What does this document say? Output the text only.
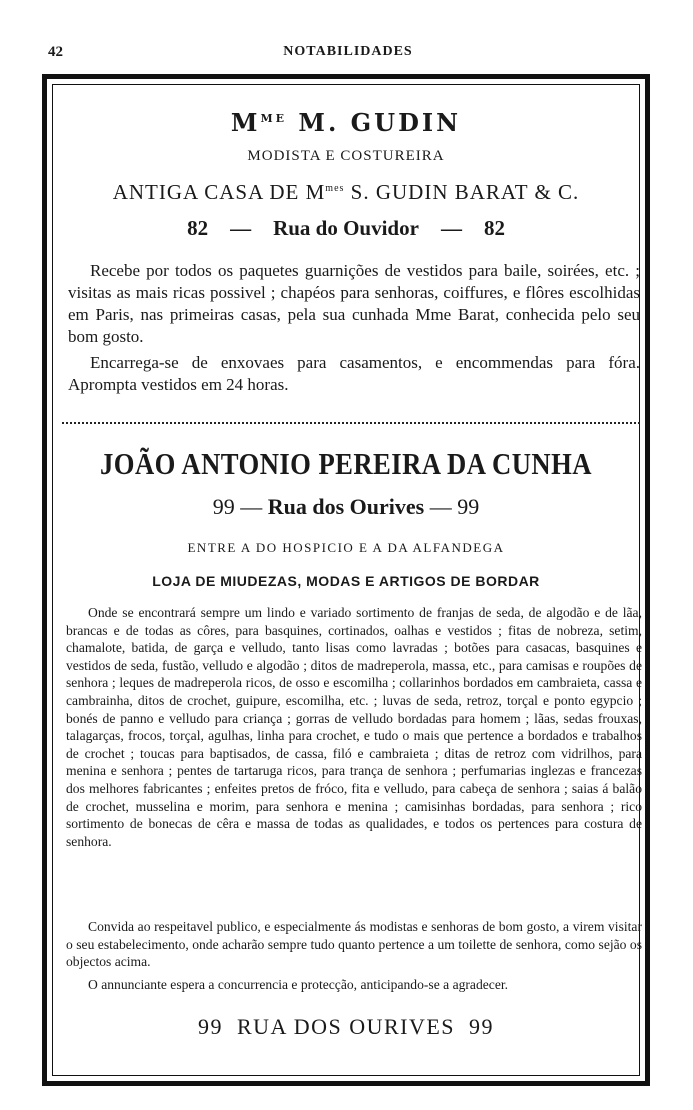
42	NOTABILIDADES
$M^{ME}$ M. GUDIN
MODISTA E COSTUREIRA
ANTIGA CASA DE $M^{mes}$ S. GUDIN BARAT & C.
82 — Rua do Ouvidor — 82

Recebe por todos os paquetes guarnições de vestidos para baile, soirées, etc. ; visitas as mais ricas possivel ; chapéos para senhoras, coiffures, e flôres escolhidas em Paris, nas primeiras casas, pela sua cunhada Mme Barat, conhecida pelo seu bom gosto.

Encarrega-se de enxovaes para casamentos, e encommendas para fóra. Aprompta vestidos em 24 horas.

JOÃO ANTONIO PEREIRA DA CUNHA
99 — Rua dos Ourives — 99
ENTRE A DO HOSPICIO E A DA ALFANDEGA
LOJA DE MIUDEZAS, MODAS E ARTIGOS DE BORDAR

Onde se encontrará sempre um lindo e variado sortimento de franjas de seda, de algodão e de lãa, brancas e de todas as côres, para basquines, cortinados, oalhas e vestidos ; fitas de nobreza, setim, chamalote, batida, de garça e velludo, tanto lisas como lavradas ; botões para casacas, basquines e vestidos de seda, fustão, velludo e algodão ; ditos de madreperola, massa, etc., para camisas e roupões de senhora ; leques de madreperola ricos, de osso e escomilha ; collarinhos bordados em cambraieta, cassa e cambrainha, ditos de crochet, guipure, escomilha, etc. ; luvas de seda, retroz, torçal e ponto egypcio ; bonés de panno e velludo para criança ; gorras de velludo bordadas para homem ; lãas, sedas frouxas, talagarças, frocos, torçal, agulhas, linha para crochet, e tudo o mais que pertence a bordados e trabalhos de crochet ; toucas para baptisados, de cassa, filó e cambraieta ; ditas de retroz com vidrilhos, para menina e senhora ; pentes de tartaruga ricos, para trança de senhora ; perfumarias inglezas e francezas dos melhores fabricantes ; enfeites pretos de fróco, fita e velludo, para cabeça de senhora ; saias á balão de crochet, musselina e morim, para senhora e menina ; camisinhas bordadas, para senhora ; rico sortimento de bonecas de cêra e massa de todas as qualidades, e todos os pertences para costura de senhora.

Convida ao respeitavel publico, e especialmente ás modistas e senhoras de bom gosto, a virem visitar o seu estabelecimento, onde acharão sempre tudo quanto pertence a um toilette de senhora, como sejão os objectos acima.

O annunciante espera a concurrencia e protecção, anticipando-se a agradecer.

99 RUA DOS OURIVES 99
